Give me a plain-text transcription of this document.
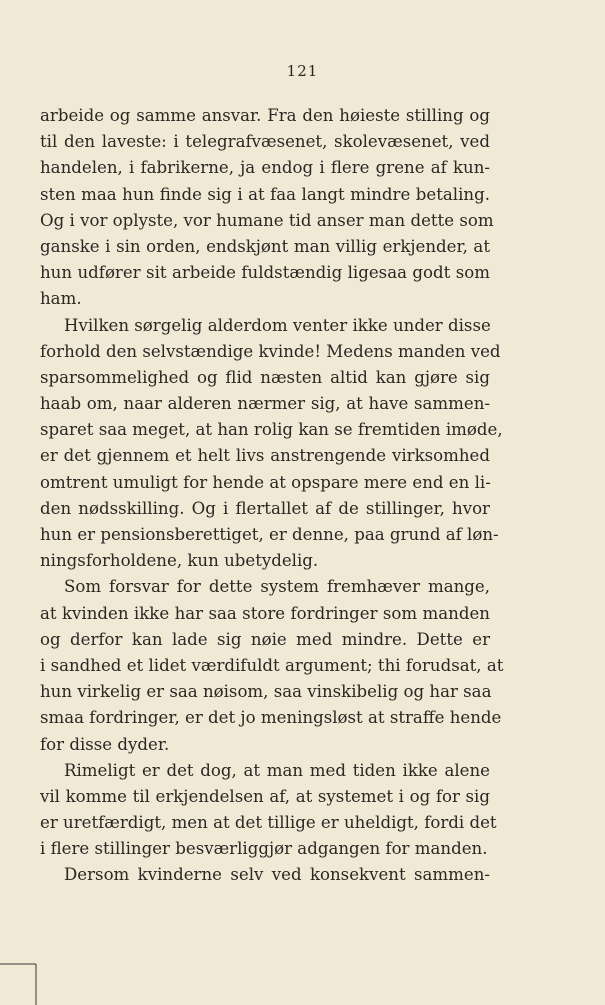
121
arbeide og samme ansvar. Fra den høieste stilling og
til den laveste: i telegrafvæsenet, skolevæsenet, ved
handelen, i fabrikerne, ja endog i flere grene af kun-
sten maa hun finde sig i at faa langt mindre betaling.
Og i vor oplyste, vor humane tid anser man dette som
ganske i sin orden, endskjønt man villig erkjender, at
hun udfører sit arbeide fuldstændig ligesaa godt som
ham.
Hvilken sørgelig alderdom venter ikke under disse
forhold den selvstændige kvinde! Medens manden ved
sparsommelighed og flid næsten altid kan gjøre sig
haab om, naar alderen nærmer sig, at have sammen-
sparet saa meget, at han rolig kan se fremtiden imøde,
er det gjennem et helt livs anstrengende virksomhed
omtrent umuligt for hende at opspare mere end en li-
den nødsskilling. Og i flertallet af de stillinger, hvor
hun er pensionsberettiget, er denne, paa grund af løn-
ningsforholdene, kun ubetydelig.
Som forsvar for dette system fremhæver mange,
at kvinden ikke har saa store fordringer som manden
og derfor kan lade sig nøie med mindre. Dette er
i sandhed et lidet værdifuldt argument; thi forudsat, at
hun virkelig er saa nøisom, saa vinskibelig og har saa
smaa fordringer, er det jo meningsløst at straffe hende
for disse dyder.
Rimeligt er det dog, at man med tiden ikke alene
vil komme til erkjendelsen af, at systemet i og for sig
er uretfærdigt, men at det tillige er uheldigt, fordi det
i flere stillinger besværliggjør adgangen for manden.
Dersom kvinderne selv ved konsekvent sammen-
